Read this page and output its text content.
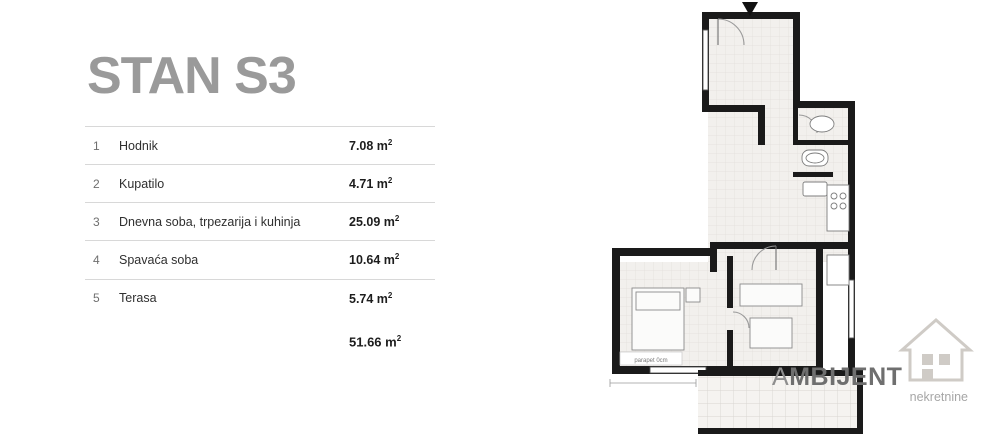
STAN S3
1	Hodnik	7.08 $m^2$
2	Kupatilo	4.71 $m^2$
3	Dnevna soba, trpezarija i kuhinja	25.09 $m^2$
4	Spavaća soba	10.64 $m^2$
5	Terasa	5.74 $m^2$
		51.66 $m^2$
parapet 0cm
AMBIJENT
nekretnine
